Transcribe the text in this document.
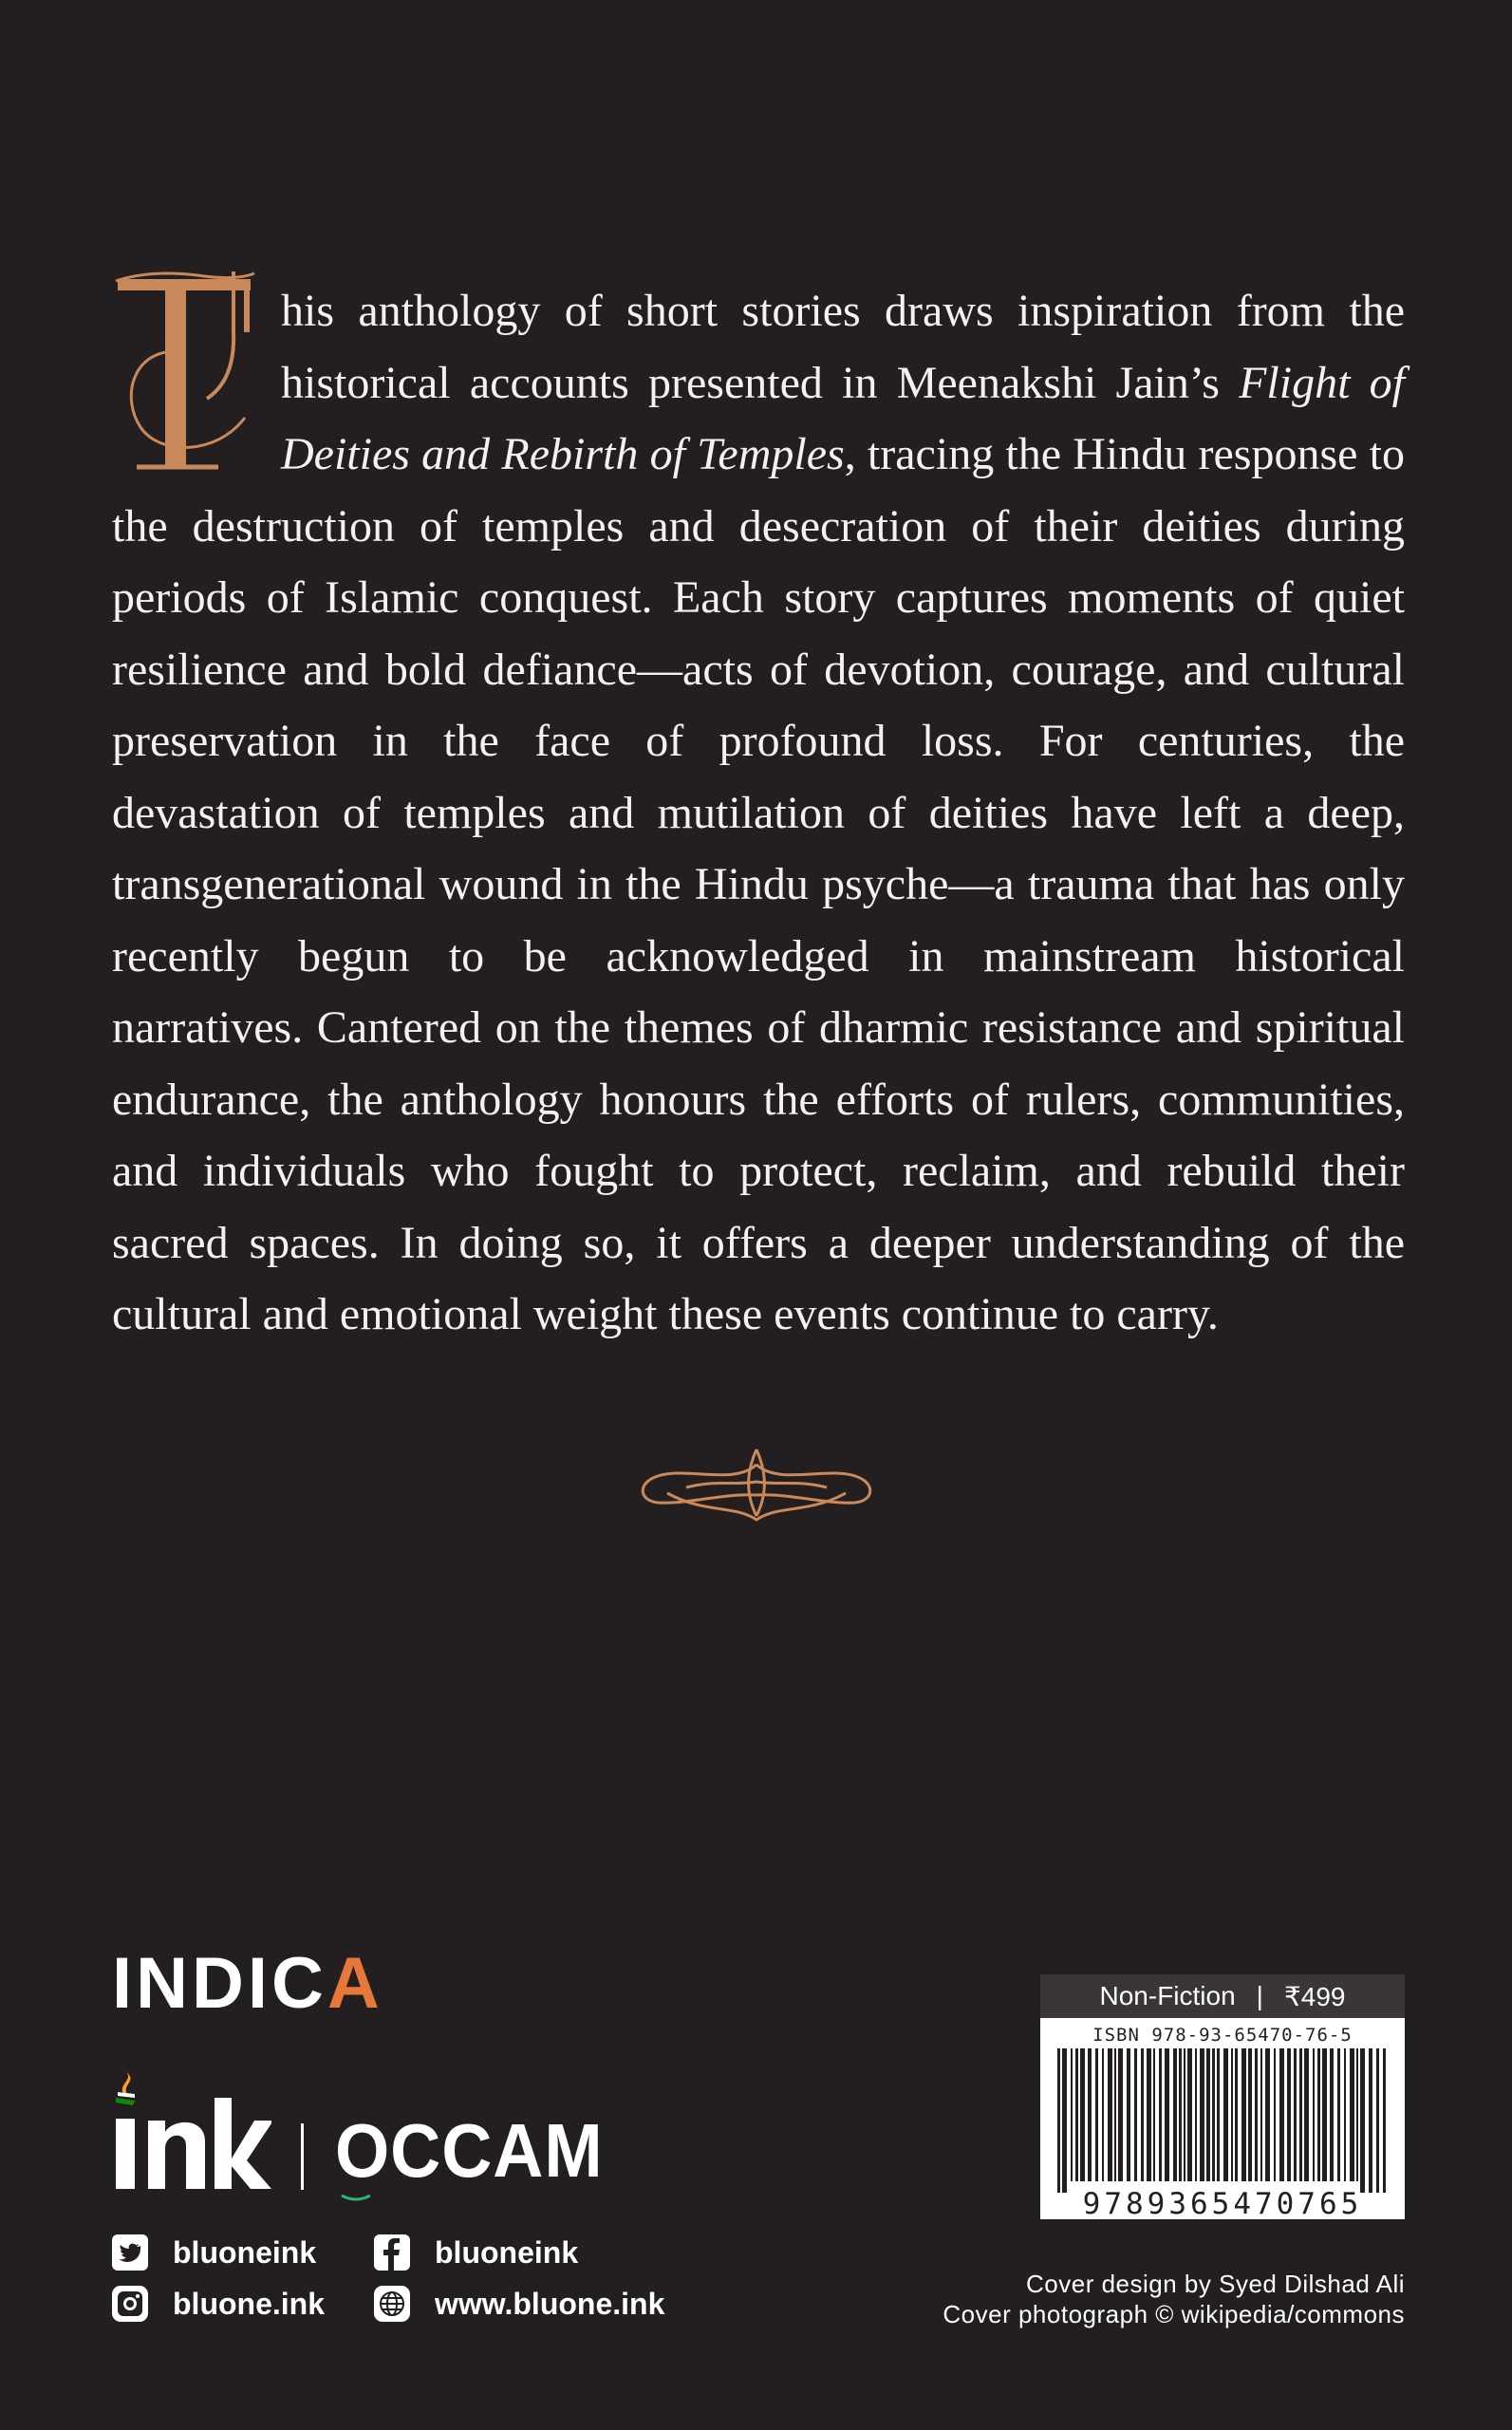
his anthology of short stories draws inspiration from the historical accounts presented in Meenakshi Jain’s Flight of Deities and Rebirth of Temples, tracing the Hindu response to the destruction of temples and desecration of their deities during periods of Islamic conquest. Each story captures moments of quiet resilience and bold defiance—acts of devotion, courage, and cultural preservation in the face of profound loss. For centuries, the devastation of temples and mutilation of deities have left a deep, transgenerational wound in the Hindu psyche—a trauma that has only recently begun to be acknowledged in mainstream historical narratives. Cantered on the themes of dharmic resistance and spiritual endurance, the anthology honours the efforts of rulers, communities, and individuals who fought to protect, reclaim, and rebuild their sacred spaces. In doing so, it offers a deeper understanding of the cultural and emotional weight these events continue to carry.

INDICA
OCCAM
bluoneink	bluoneink
bluone.ink	www.bluone.ink
Non-Fiction | ₹499
ISBN 978-93-65470-76-5
9789365470765
Cover design by Syed Dilshad Ali
Cover photograph © wikipedia/commons
